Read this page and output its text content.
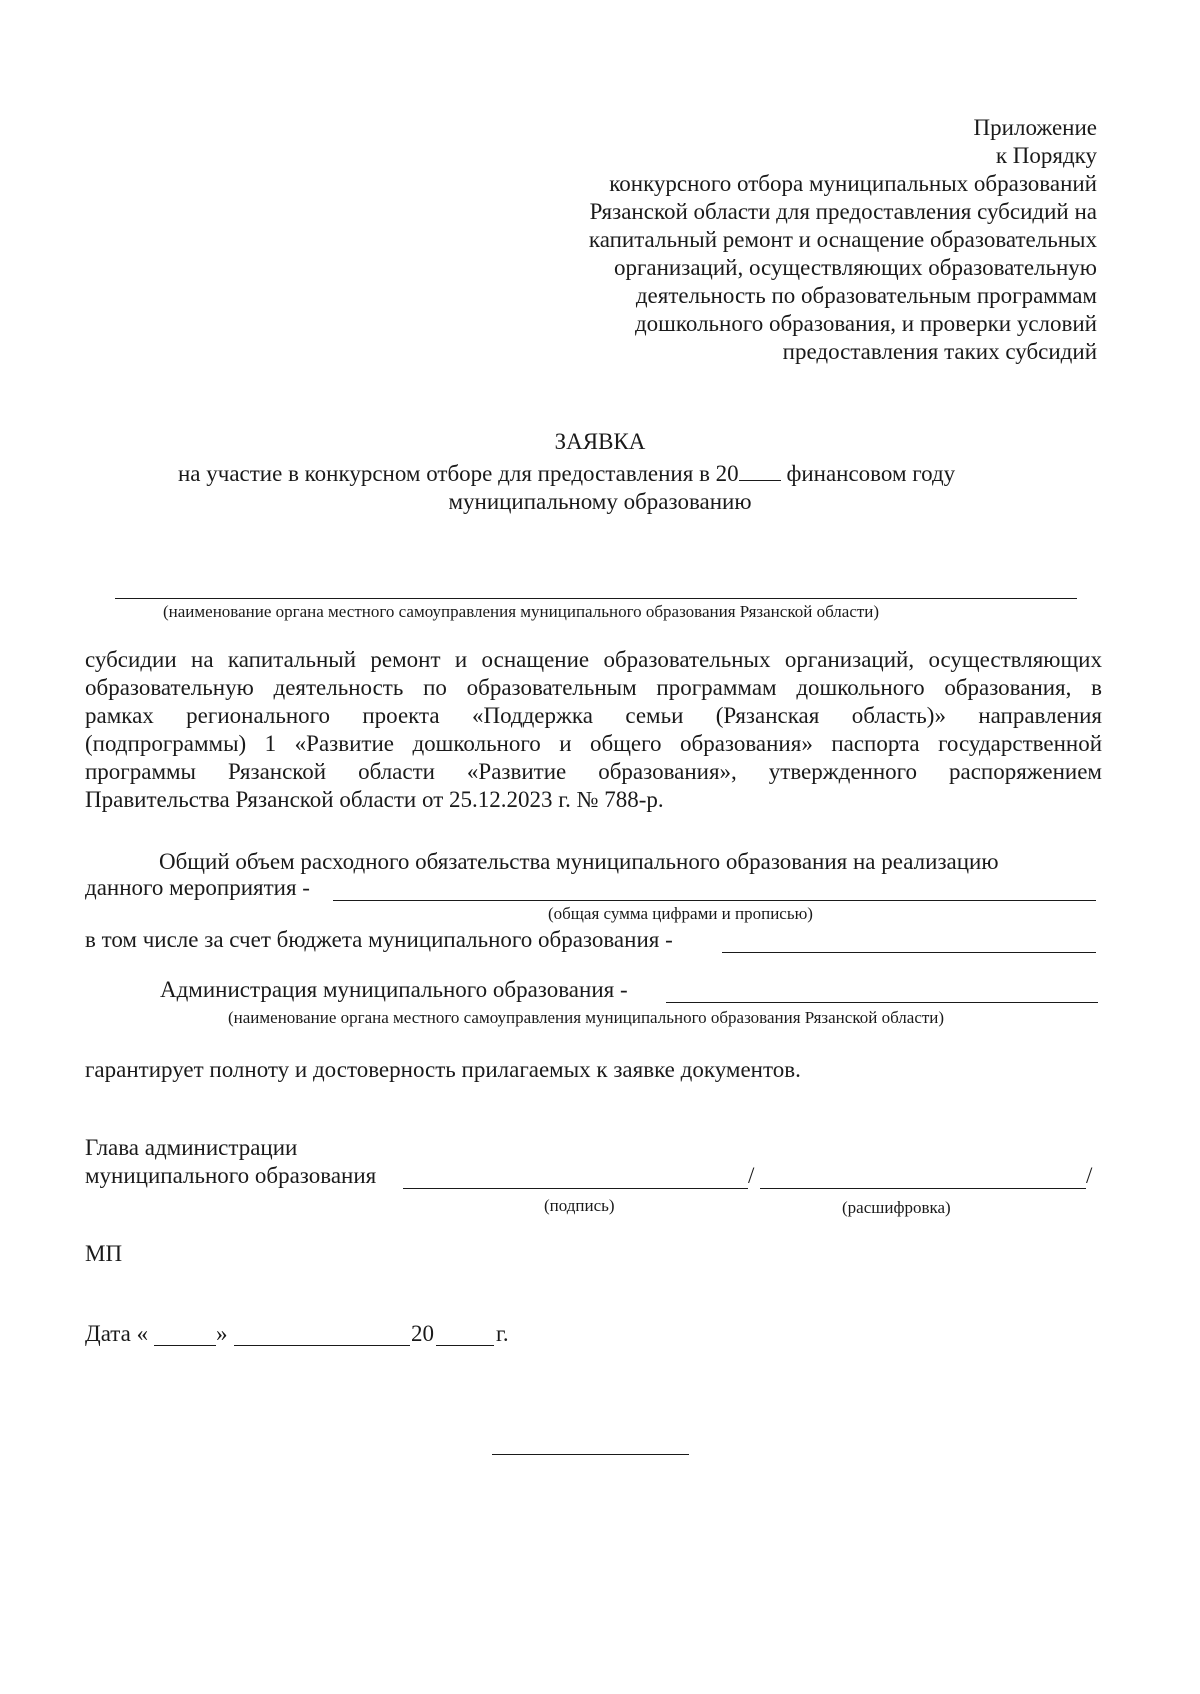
Приложение
к Порядку
конкурсного отбора муниципальных образований
Рязанской области для предоставления субсидий на
капитальный ремонт и оснащение образовательных
организаций, осуществляющих образовательную
деятельность по образовательным программам
дошкольного образования, и проверки условий
предоставления таких субсидий
ЗАЯВКА
на участие в конкурсном отборе для предоставления в 20 финансовом году
муниципальному образованию
(наименование органа местного самоуправления муниципального образования Рязанской области)
субсидии на капитальный ремонт и оснащение образовательных организаций, осуществляющих
образовательную деятельность по образовательным программам дошкольного образования, в
рамках регионального проекта «Поддержка семьи (Рязанская область)» направления
(подпрограммы) 1 «Развитие дошкольного и общего образования» паспорта государственной
программы Рязанской области «Развитие образования», утвержденного распоряжением
Правительства Рязанской области от 25.12.2023 г. № 788-р.
Общий объем расходного обязательства муниципального образования на реализацию
данного мероприятия -
(общая сумма цифрами и прописью)
в том числе за счет бюджета муниципального образования -
Администрация муниципального образования -
(наименование органа местного самоуправления муниципального образования Рязанской области)
гарантирует полноту и достоверность прилагаемых к заявке документов.
Глава администрации
муниципального образования	/	/
(подпись)	(расшифровка)
МП
Дата «	»	20	г.
